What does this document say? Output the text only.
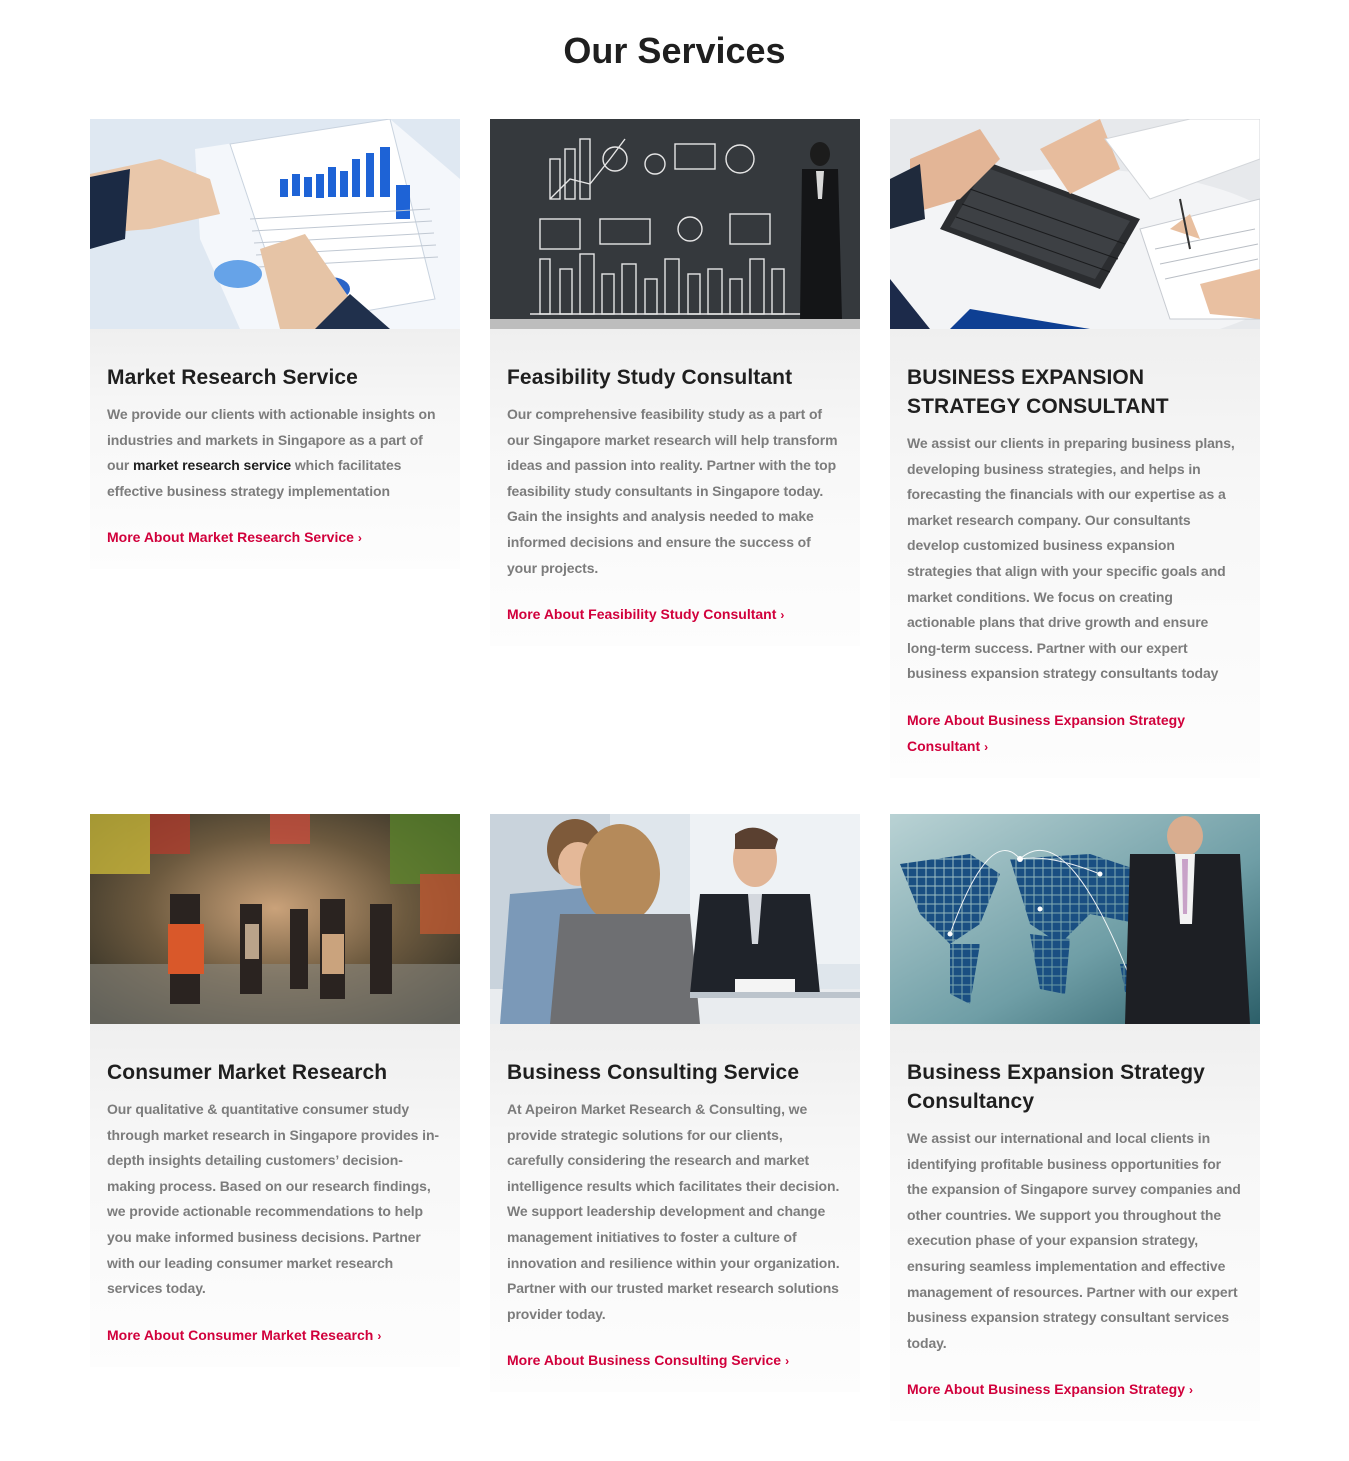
Our Services
Market Research Service

We provide our clients with actionable insights on industries and markets in Singapore as a part of our market research service which facilitates effective business strategy implementation

More About Market Research Service ›
Feasibility Study Consultant

Our comprehensive feasibility study as a part of our Singapore market research will help transform ideas and passion into reality. Partner with the top feasibility study consultants in Singapore today. Gain the insights and analysis needed to make informed decisions and ensure the success of your projects.

More About Feasibility Study Consultant ›
BUSINESS EXPANSION STRATEGY CONSULTANT

We assist our clients in preparing business plans, developing business strategies, and helps in forecasting the financials with our expertise as a market research company. Our consultants develop customized business expansion strategies that align with your specific goals and market conditions. We focus on creating actionable plans that drive growth and ensure long-term success. Partner with our expert business expansion strategy consultants today

More About Business Expansion Strategy Consultant ›
Consumer Market Research

Our qualitative & quantitative consumer study through market research in Singapore provides in-depth insights detailing customers’ decision-making process. Based on our research findings, we provide actionable recommendations to help you make informed business decisions. Partner with our leading consumer market research services today.

More About Consumer Market Research ›
Business Consulting Service

At Apeiron Market Research & Consulting, we provide strategic solutions for our clients, carefully considering the research and market intelligence results which facilitates their decision. We support leadership development and change management initiatives to foster a culture of innovation and resilience within your organization. Partner with our trusted market research solutions provider today.

More About Business Consulting Service ›
Business Expansion Strategy Consultancy

We assist our international and local clients in identifying profitable business opportunities for the expansion of Singapore survey companies and other countries. We support you throughout the execution phase of your expansion strategy, ensuring seamless implementation and effective management of resources. Partner with our expert business expansion strategy consultant services today.

More About Business Expansion Strategy ›
